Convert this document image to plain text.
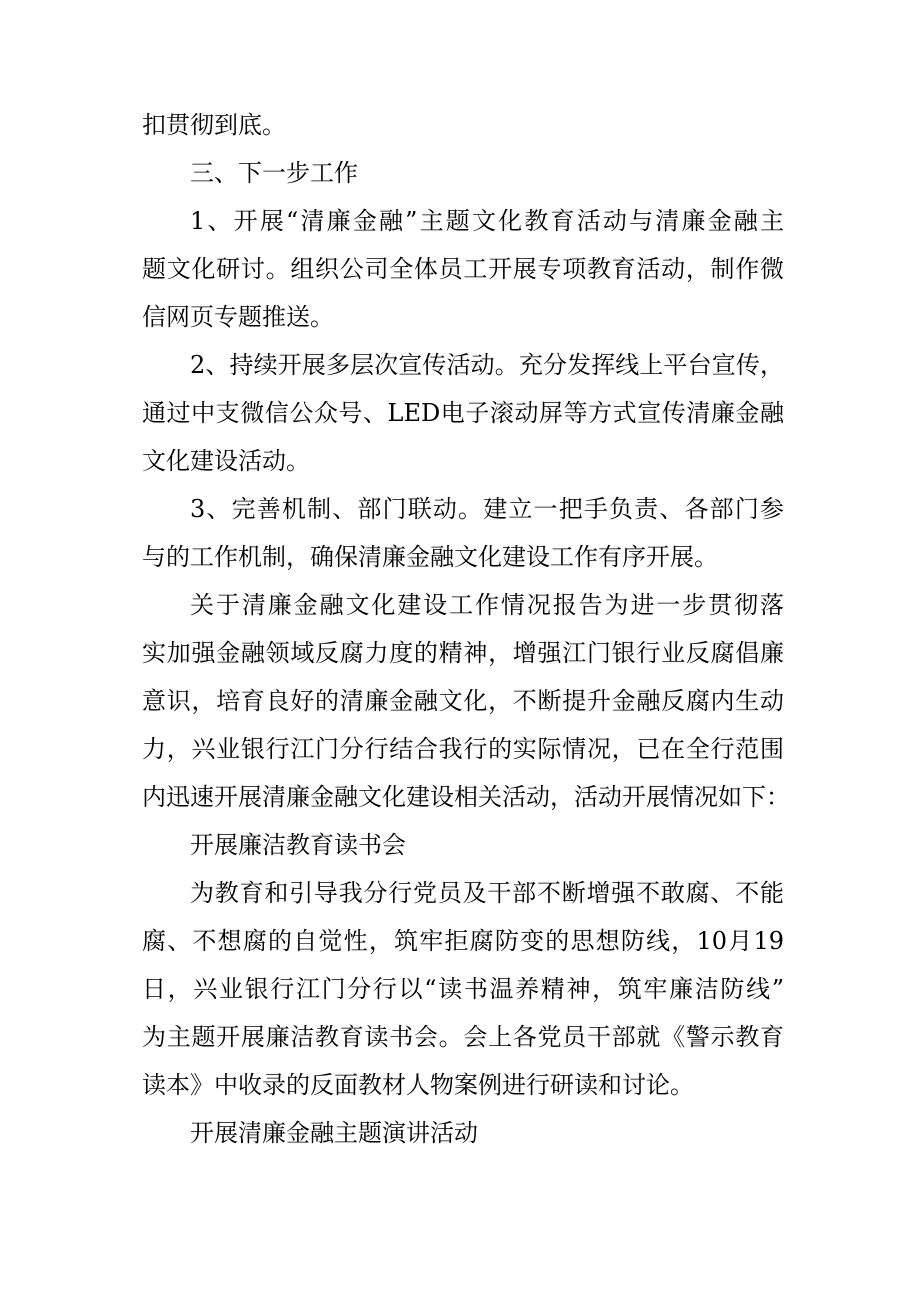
扣贯彻到底。

三、下一步工作

1、开展“清廉金融”主题文化教育活动与清廉金融主
题文化研讨。组织公司全体员工开展专项教育活动，制作微
信网页专题推送。

2、持续开展多层次宣传活动。充分发挥线上平台宣传，
通过中支微信公众号、LED电子滚动屏等方式宣传清廉金融
文化建设活动。

3、完善机制、部门联动。建立一把手负责、各部门参
与的工作机制，确保清廉金融文化建设工作有序开展。

关于清廉金融文化建设工作情况报告为进一步贯彻落
实加强金融领域反腐力度的精神，增强江门银行业反腐倡廉
意识，培育良好的清廉金融文化，不断提升金融反腐内生动
力，兴业银行江门分行结合我行的实际情况，已在全行范围
内迅速开展清廉金融文化建设相关活动，活动开展情况如下：

开展廉洁教育读书会

为教育和引导我分行党员及干部不断增强不敢腐、不能
腐、不想腐的自觉性，筑牢拒腐防变的思想防线，10月19
日，兴业银行江门分行以“读书温养精神，筑牢廉洁防线”
为主题开展廉洁教育读书会。会上各党员干部就《警示教育
读本》中收录的反面教材人物案例进行研读和讨论。

开展清廉金融主题演讲活动
